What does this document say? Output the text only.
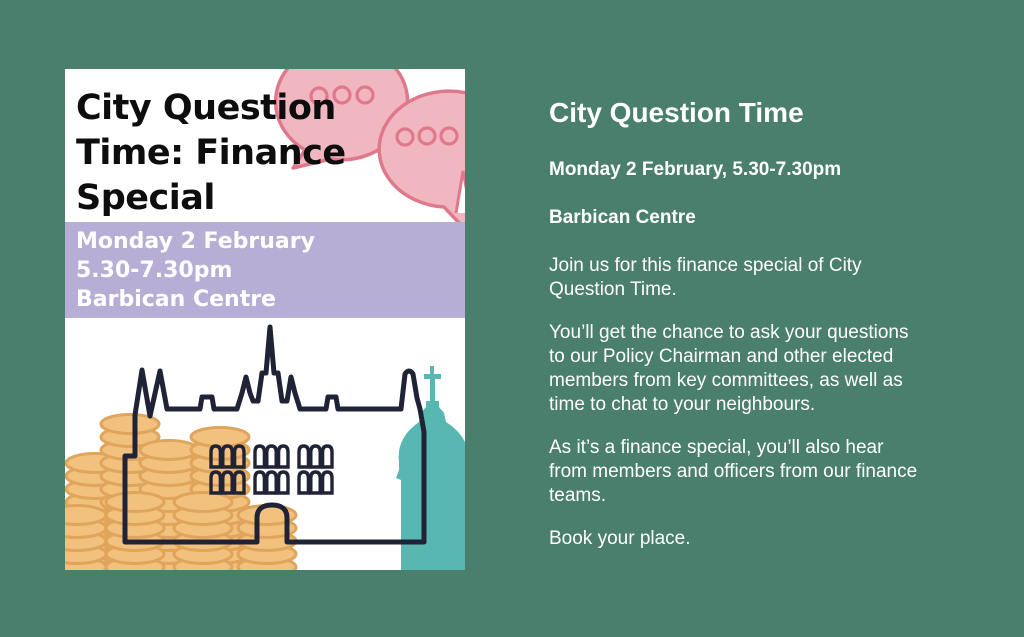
City Question
Time: Finance
Special
Monday 2 February
5.30-7.30pm
Barbican Centre
City Question Time
Monday 2 February, 5.30-7.30pm
Barbican Centre
Join us for this finance special of City
Question Time.
You’ll get the chance to ask your questions
to our Policy Chairman and other elected
members from key committees, as well as
time to chat to your neighbours.
As it’s a finance special, you’ll also hear
from members and officers from our finance
teams.
Book your place.
